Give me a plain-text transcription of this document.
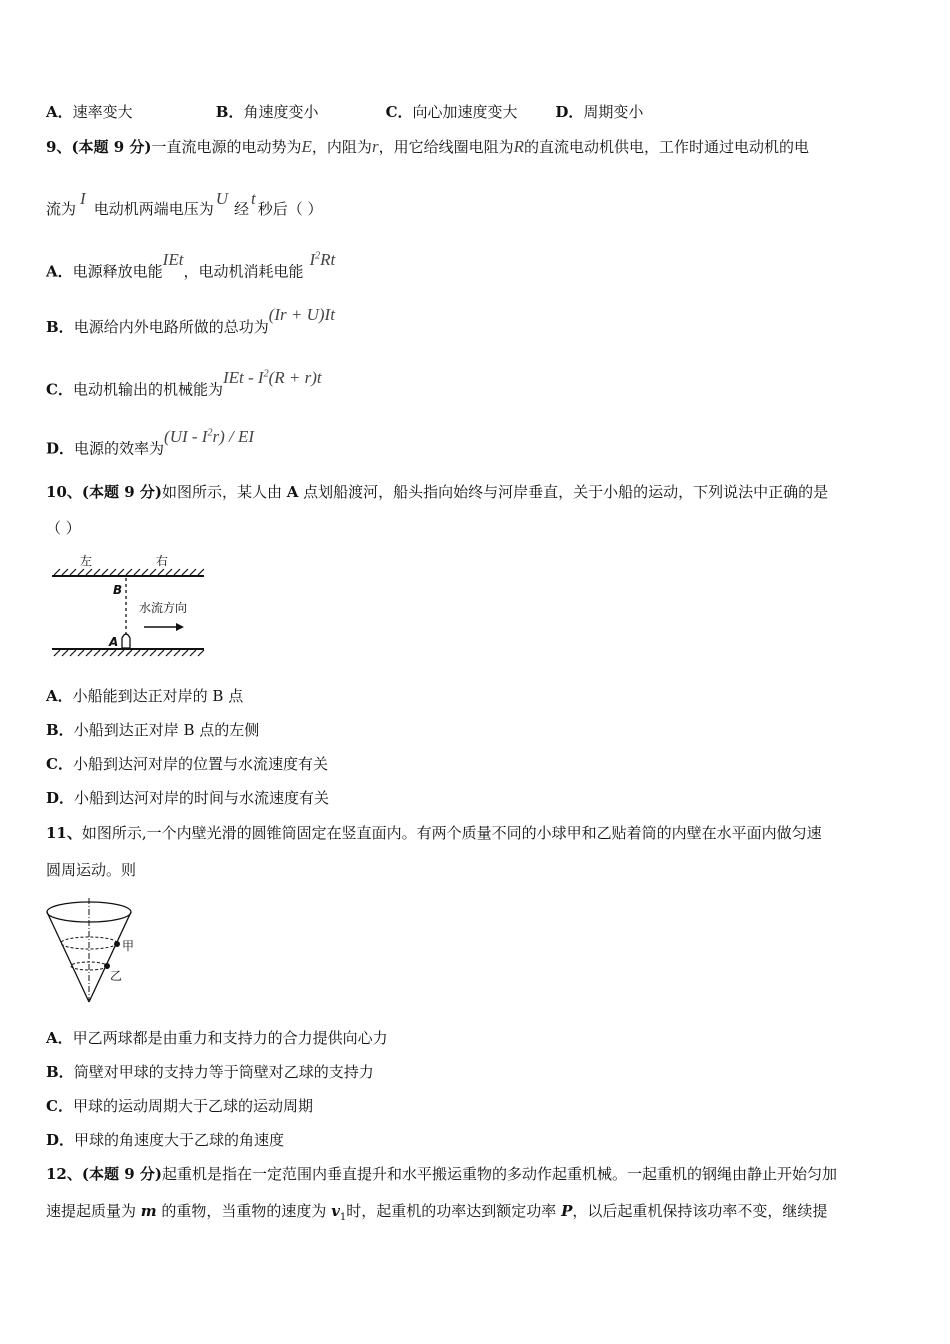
A．速率变大	B．角速度变小	C．向心加速度变大	D．周期变小
9、(本题 9 分)一直流电源的电动势为E，内阻为r，用它给线圈电阻为R的直流电动机供电，工作时通过电动机的电
流为I电动机两端电压为U经t秒后（ ）
A．电源释放电能IEt，电动机消耗电能$I^2Rt$
B．电源给内外电路所做的总功为(Ir + U)It
C．电动机输出的机械能为IEt - $I^2(R + r)t$
D．电源的效率为$(UI - I^2r)$ / EI
10、(本题 9 分)如图所示，某人由 A 点划船渡河，船头指向始终与河岸垂直，关于小船的运动，下列说法中正确的是
（ ）
左	右
B
水流方向
A
A．小船能到达正对岸的 B 点
B．小船到达正对岸 B 点的左侧
C．小船到达河对岸的位置与水流速度有关
D．小船到达河对岸的时间与水流速度有关
11、如图所示,一个内壁光滑的圆锥筒固定在竖直面内。有两个质量不同的小球甲和乙贴着筒的内壁在水平面内做匀速
圆周运动。则
甲
乙
A．甲乙两球都是由重力和支持力的合力提供向心力
B．筒壁对甲球的支持力等于筒壁对乙球的支持力
C．甲球的运动周期大于乙球的运动周期
D．甲球的角速度大于乙球的角速度
12、(本题 9 分)起重机是指在一定范围内垂直提升和水平搬运重物的多动作起重机械。一起重机的钢绳由静止开始匀加
速提起质量为 m 的重物，当重物的速度为 $v_1$时，起重机的功率达到额定功率 P，以后起重机保持该功率不变，继续提
